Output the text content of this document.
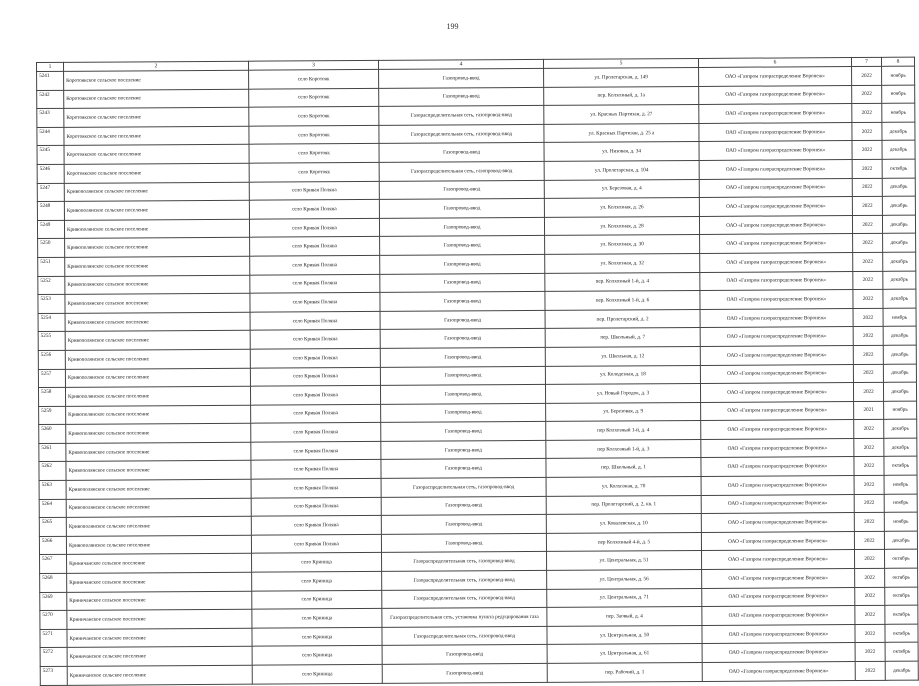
199
1	2	3	4	5	6	7	8
5241	Коротоякское сельское поселение	село Коротояк	Газопровод-ввод	ул. Пролетарская, д. 149	ОАО «Газпром газораспределение Воронеж»	2022	ноябрь
5242	Коротоякское сельское поселение	село Коротояк	Газопровод-ввод	пер. Колхозный, д. 1а	ОАО «Газпром газораспределение Воронеж»	2022	ноябрь
5243	Коротоякское сельское поселение	село Коротояк	Газораспределительная сеть, газопровод-ввод	ул. Красных Партизан, д. 27	ОАО «Газпром газораспределение Воронеж»	2022	ноябрь
5244	Коротоякское сельское поселение	село Коротояк	Газораспределительная сеть, газопровод-ввод	ул. Красных Партизан, д. 25 а	ОАО «Газпром газораспределение Воронеж»	2022	декабрь
5245	Коротоякское сельское поселение	село Коротояк	Газопровод-ввод	ул. Низовая, д. 34	ОАО «Газпром газораспределение Воронеж»	2022	декабрь
5246	Коротоякское сельское поселение	село Коротояк	Газораспределительная сеть, газопровод-ввод	ул. Пролетарская, д. 104	ОАО «Газпром газораспределение Воронеж»	2022	октябрь
5247	Кривополянское сельское поселение	село Кривая Поляна	Газопровод-ввод	ул. Березовая, д. 4	ОАО «Газпром газораспределение Воронеж»	2022	декабрь
5248	Кривополянское сельское поселение	село Кривая Поляна	Газопровод-ввод	ул. Колхозная, д. 26	ОАО «Газпром газораспределение Воронеж»	2022	декабрь
5249	Кривополянское сельское поселение	село Кривая Поляна	Газопровод-ввод	ул. Колхозная, д. 28	ОАО «Газпром газораспределение Воронеж»	2022	декабрь
5250	Кривополянское сельское поселение	село Кривая Поляна	Газопровод-ввод	ул. Колхозная, д. 30	ОАО «Газпром газораспределение Воронеж»	2022	декабрь
5251	Кривополянское сельское поселение	село Кривая Поляна	Газопровод-ввод	ул. Колхозная, д. 32	ОАО «Газпром газораспределение Воронеж»	2022	декабрь
5252	Кривополянское сельское поселение	село Кривая Поляна	Газопровод-ввод	пер. Колхозный 1-й, д. 4	ОАО «Газпром газораспределение Воронеж»	2022	декабрь
5253	Кривополянское сельское поселение	село Кривая Поляна	Газопровод-ввод	пер. Колхозный 1-й, д. 6	ОАО «Газпром газораспределение Воронеж»	2022	декабрь
5254	Кривополянское сельское поселение	село Кривая Поляна	Газопровод-ввод	пер. Пролетарский, д. 2	ОАО «Газпром газораспределение Воронеж»	2022	ноябрь
5255	Кривополянское сельское поселение	село Кривая Поляна	Газопровод-ввод	пер. Школьный, д. 7	ОАО «Газпром газораспределение Воронеж»	2022	декабрь
5256	Кривополянское сельское поселение	село Кривая Поляна	Газопровод-ввод	ул. Школьная, д. 12	ОАО «Газпром газораспределение Воронеж»	2022	декабрь
5257	Кривополянское сельское поселение	село Кривая Поляна	Газопровод-ввод	ул. Колодезная, д. 18	ОАО «Газпром газораспределение Воронеж»	2022	декабрь
5258	Кривополянское сельское поселение	село Кривая Поляна	Газопровод-ввод	ул. Новый Городок, д. 3	ОАО «Газпром газораспределение Воронеж»	2022	декабрь
5259	Кривополянское сельское поселение	село Кривая Поляна	Газопровод-ввод	ул. Березовая, д. 9	ОАО «Газпром газораспределение Воронеж»	2021	ноябрь
5260	Кривополянское сельское поселение	село Кривая Поляна	Газопровод-ввод	пер Колхозный 1-й, д. 4	ОАО «Газпром газораспределение Воронеж»	2022	декабрь
5261	Кривополянское сельское поселение	село Кривая Поляна	Газопровод-ввод	пер Колхозный 1-й, д. 3	ОАО «Газпром газораспределение Воронеж»	2022	декабрь
5262	Кривополянское сельское поселение	село Кривая Поляна	Газопровод-ввод	пер. Школьный, д. 1	ОАО «Газпром газораспределение Воронеж»	2022	октябрь
5263	Кривополянское сельское поселение	село Кривая Поляна	Газораспределительная сеть, газопровод-ввод	ул. Колхозная, д. 70	ОАО «Газпром газораспределение Воронеж»	2022	ноябрь
5264	Кривополянское сельское поселение	село Кривая Поляна	Газопровод-ввод	пер. Пролетарский, д. 2, кв. 1	ОАО «Газпром газораспределение Воронеж»	2022	ноябрь
5265	Кривополянское сельское поселение	село Кривая Поляна	Газопровод-ввод	ул. Ковалевская, д. 10	ОАО «Газпром газораспределение Воронеж»	2022	ноябрь
5266	Кривополянское сельское поселение	село Кривая Поляна	Газопровод-ввод	пер Колхозный 4-й, д. 5	ОАО «Газпром газораспределение Воронеж»	2022	декабрь
5267	Криничанское сельское поселение	село Криница	Газораспределительная сеть, газопровод-ввод	ул. Центральная, д. 51	ОАО «Газпром газораспределение Воронеж»	2022	октябрь
5268	Криничанское сельское поселение	село Криница	Газораспределительная сеть, газопровод-ввод	ул. Центральная, д. 56	ОАО «Газпром газораспределение Воронеж»	2022	октябрь
5269	Криничанское сельское поселение	село Криница	Газораспределительная сеть, газопровод-ввод	ул. Центральная, д. 71	ОАО «Газпром газораспределение Воронеж»	2022	октябрь
5270	Криничанское сельское поселение	село Криница	Газораспределительная сеть, установка пункта редуцирования газа	пер. Заовый, д. 4	ОАО «Газпром газораспределение Воронеж»	2022	октябрь
5271	Криничанское сельское поселение	село Криница	Газораспределительная сеть, газопровод-ввод	ул. Центральная, д. 50	ОАО «Газпром газораспределение Воронеж»	2022	октябрь
5272	Криничанское сельское поселение	село Криница	Газопровод-ввод	ул. Центральная, д. 61	ОАО «Газпром газораспределение Воронеж»	2022	октябрь
5273	Криничанское сельское поселение	село Криница	Газопровод-ввод	пер. Рабочий, д. 1	ОАО «Газпром газораспределение Воронеж»	2022	декабрь
